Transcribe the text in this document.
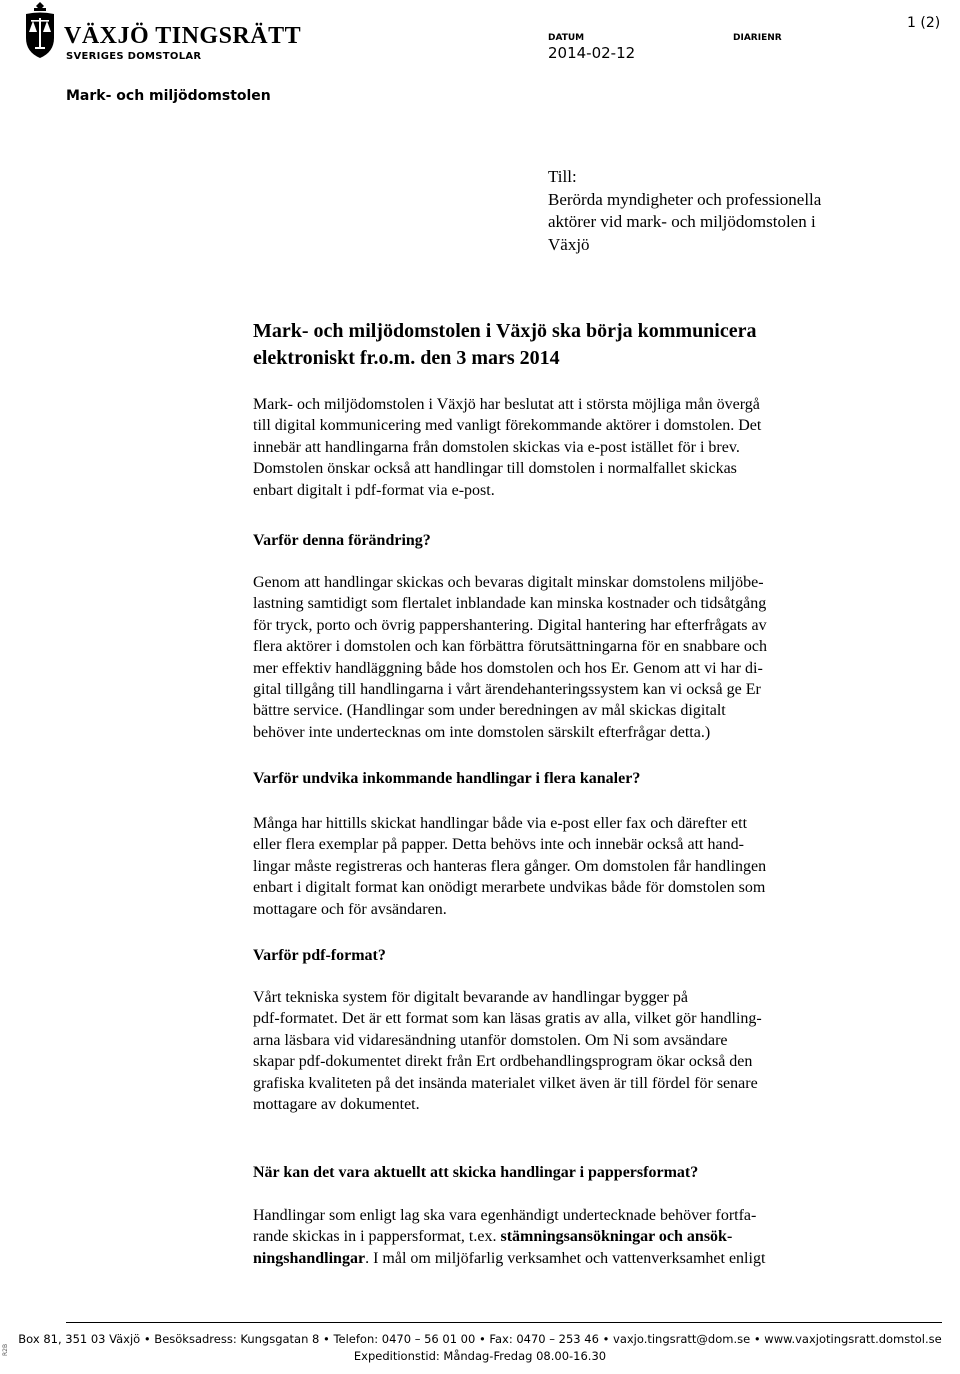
VÄXJÖ TINGSRÄTT
SVERIGES DOMSTOLAR
DATUM
2014-02-12
DIARIENR
1 (2)
Mark- och miljödomstolen
Till:
Berörda myndigheter och professionella
aktörer vid mark- och miljödomstolen i
Växjö
Mark- och miljödomstolen i Växjö ska börja kommunicera
elektroniskt fr.o.m. den 3 mars 2014
Mark- och miljödomstolen i Växjö har beslutat att i största möjliga mån övergå
till digital kommunicering med vanligt förekommande aktörer i domstolen. Det
innebär att handlingarna från domstolen skickas via e-post istället för i brev.
Domstolen önskar också att handlingar till domstolen i normalfallet skickas
enbart digitalt i pdf-format via e-post.
Varför denna förändring?
Genom att handlingar skickas och bevaras digitalt minskar domstolens miljöbe-
lastning samtidigt som flertalet inblandade kan minska kostnader och tidsåtgång
för tryck, porto och övrig pappershantering. Digital hantering har efterfrågats av
flera aktörer i domstolen och kan förbättra förutsättningarna för en snabbare och
mer effektiv handläggning både hos domstolen och hos Er. Genom att vi har di-
gital tillgång till handlingarna i vårt ärendehanteringssystem kan vi också ge Er
bättre service. (Handlingar som under beredningen av mål skickas digitalt
behöver inte undertecknas om inte domstolen särskilt efterfrågar detta.)
Varför undvika inkommande handlingar i flera kanaler?
Många har hittills skickat handlingar både via e-post eller fax och därefter ett
eller flera exemplar på papper. Detta behövs inte och innebär också att hand-
lingar måste registreras och hanteras flera gånger. Om domstolen får handlingen
enbart i digitalt format kan onödigt merarbete undvikas både för domstolen som
mottagare och för avsändaren.
Varför pdf-format?
Vårt tekniska system för digitalt bevarande av handlingar bygger på
pdf-formatet. Det är ett format som kan läsas gratis av alla, vilket gör handling-
arna läsbara vid vidaresändning utanför domstolen. Om Ni som avsändare
skapar pdf-dokumentet direkt från Ert ordbehandlingsprogram ökar också den
grafiska kvaliteten på det insända materialet vilket även är till fördel för senare
mottagare av dokumentet.
När kan det vara aktuellt att skicka handlingar i pappersformat?
Handlingar som enligt lag ska vara egenhändigt undertecknade behöver fortfa-
rande skickas in i pappersformat, t.ex. stämningsansökningar och ansök-
ningshandlingar. I mål om miljöfarlig verksamhet och vattenverksamhet enligt
Box 81, 351 03 Växjö • Besöksadress: Kungsgatan 8 • Telefon: 0470 – 56 01 00 • Fax: 0470 – 253 46 • vaxjo.tingsratt@dom.se • www.vaxjotingsratt.domstol.se
Expeditionstid: Måndag-Fredag 08.00-16.30
R2B
